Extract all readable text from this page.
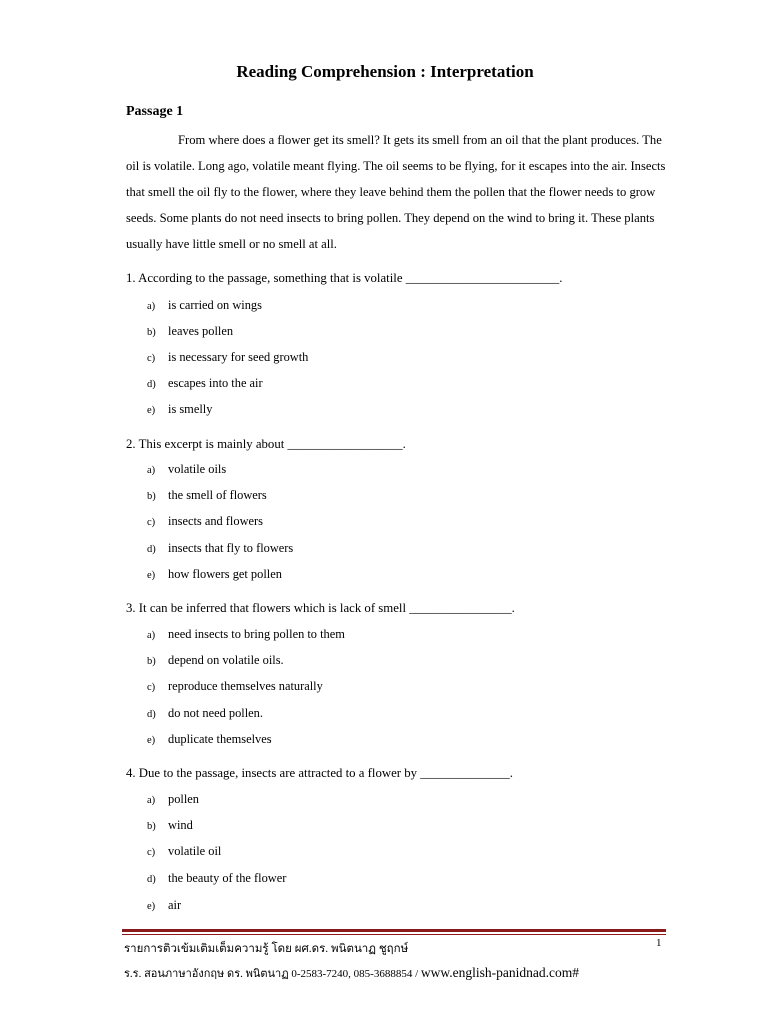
Reading Comprehension : Interpretation
Passage 1
From where does a flower get its smell? It gets its smell from an oil that the plant produces. The
oil is volatile. Long ago, volatile meant flying. The oil seems to be flying, for it escapes into the air. Insects
that smell the oil fly to the flower, where they leave behind them the pollen that the flower needs to grow
seeds. Some plants do not need insects to bring pollen. They depend on the wind to bring it. These plants
usually have little smell or no smell at all.
1. According to the passage, something that is volatile ________________________.
a) is carried on wings
b) leaves pollen
c) is necessary for seed growth
d) escapes into the air
e) is smelly
2. This excerpt is mainly about __________________.
a) volatile oils
b) the smell of flowers
c) insects and flowers
d) insects that fly to flowers
e) how flowers get pollen
3. It can be inferred that flowers which is lack of smell ________________.
a) need insects to bring pollen to them
b) depend on volatile oils.
c) reproduce themselves naturally
d) do not need pollen.
e) duplicate themselves
4. Due to the passage, insects are attracted to a flower by ______________.
a) pollen
b) wind
c) volatile oil
d) the beauty of the flower
e) air
1
รายการติวเข้มเติมเต็มความรู้ โดย ผศ.ดร. พนิตนาฏ ชูฤกษ์
ร.ร. สอนภาษาอังกฤษ ดร. พนิตนาฏ 0-2583-7240, 085-3688854 / www.english-panidnad.com#
